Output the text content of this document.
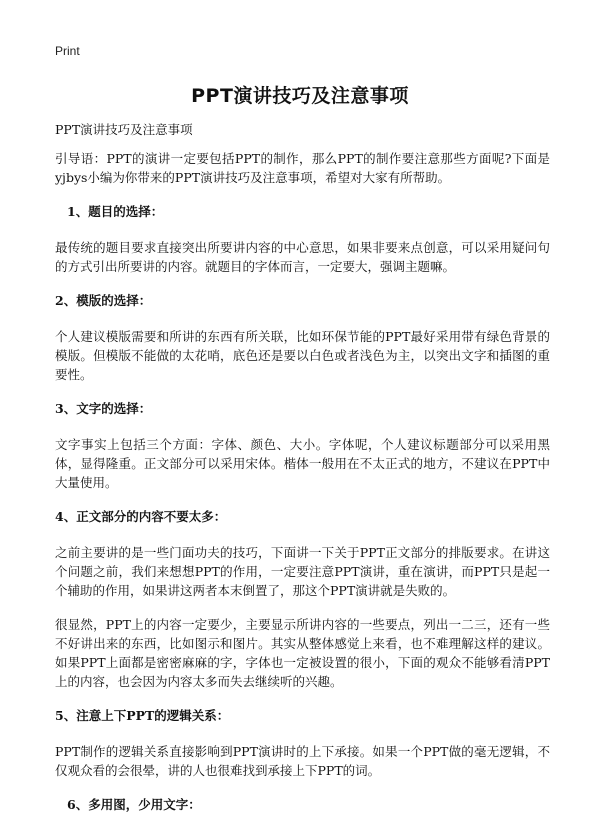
Print
PPT演讲技巧及注意事项
PPT演讲技巧及注意事项

引导语：PPT的演讲一定要包括PPT的制作，那么PPT的制作要注意那些方面呢?下面是yjbys小编为你带来的PPT演讲技巧及注意事项，希望对大家有所帮助。

1、题目的选择：

最传统的题目要求直接突出所要讲内容的中心意思，如果非要来点创意，可以采用疑问句的方式引出所要讲的内容。就题目的字体而言，一定要大，强调主题嘛。

2、模版的选择：

个人建议模版需要和所讲的东西有所关联，比如环保节能的PPT最好采用带有绿色背景的模版。但模版不能做的太花哨，底色还是要以白色或者浅色为主，以突出文字和插图的重要性。

3、文字的选择：

文字事实上包括三个方面：字体、颜色、大小。字体呢，个人建议标题部分可以采用黑体，显得隆重。正文部分可以采用宋体。楷体一般用在不太正式的地方，不建议在PPT中大量使用。

4、正文部分的内容不要太多：

之前主要讲的是一些门面功夫的技巧，下面讲一下关于PPT正文部分的排版要求。在讲这个问题之前，我们来想想PPT的作用，一定要注意PPT演讲，重在演讲，而PPT只是起一个辅助的作用，如果讲这两者本末倒置了，那这个PPT演讲就是失败的。

很显然，PPT上的内容一定要少，主要显示所讲内容的一些要点，列出一二三，还有一些不好讲出来的东西，比如图示和图片。其实从整体感觉上来看，也不难理解这样的建议。如果PPT上面都是密密麻麻的字，字体也一定被设置的很小，下面的观众不能够看清PPT上的内容，也会因为内容太多而失去继续听的兴趣。

5、注意上下PPT的逻辑关系：

PPT制作的逻辑关系直接影响到PPT演讲时的上下承接。如果一个PPT做的毫无逻辑，不仅观众看的会很晕，讲的人也很难找到承接上下PPT的词。

6、多用图，少用文字：
